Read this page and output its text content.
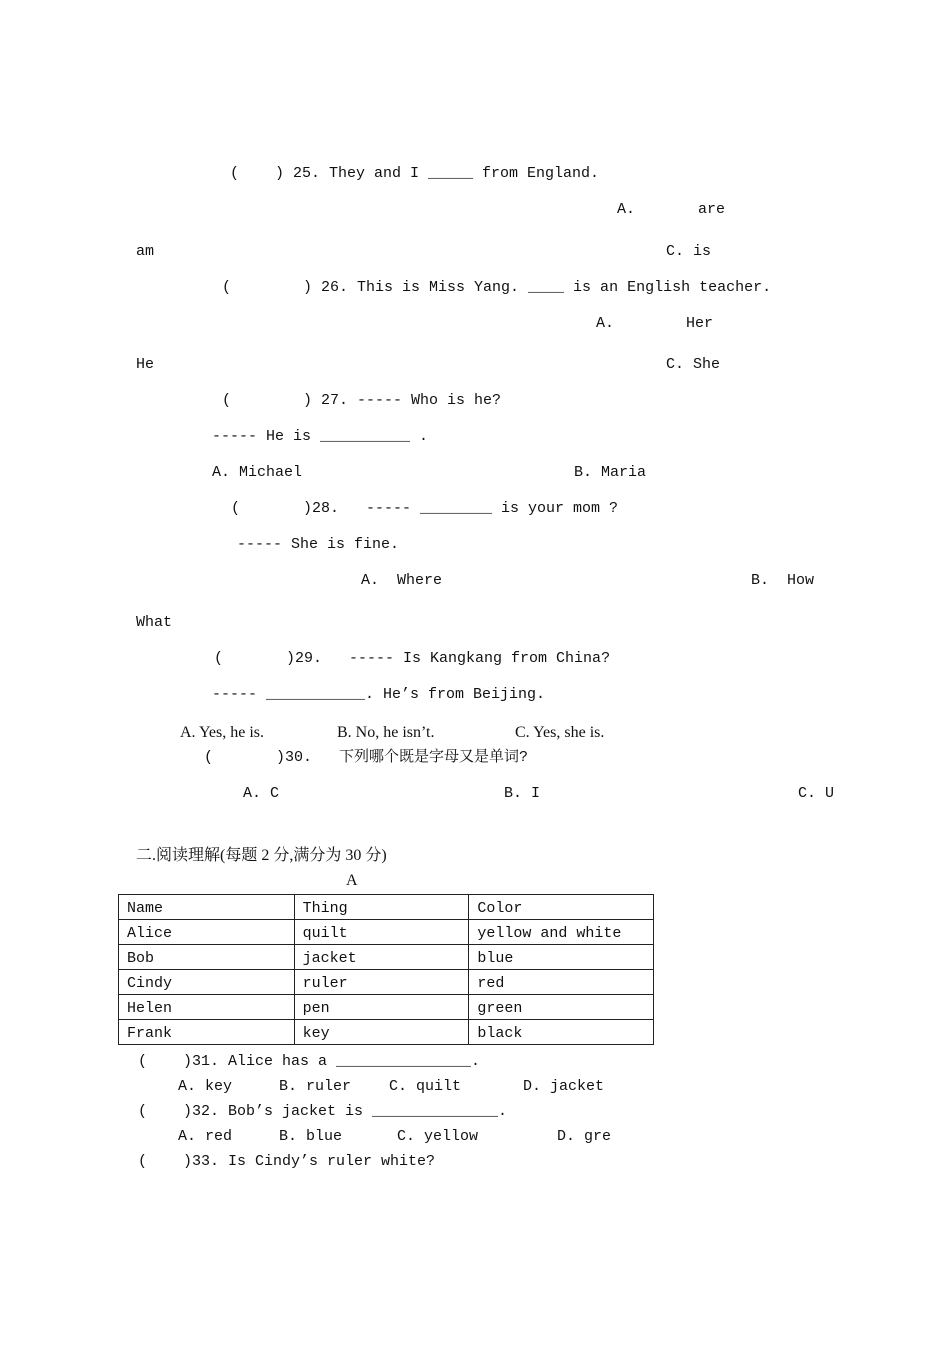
(    ) 25. They and I _____ from England.
A.       are
am	C. is
(        ) 26. This is Miss Yang. ____ is an English teacher.
A.        Her
He	C. She
(        ) 27. ----- Who is he?
----- He is __________ .
A. Michael	B. Maria
(       )28.   ----- ________ is your mom ?
----- She is fine.
A.  Where	B.  How
What
(       )29.   ----- Is Kangkang from China?
----- ___________. He’s from Beijing.
A. Yes, he is.	B. No, he isn’t.	C. Yes, she is.
(       )30.   下列哪个既是字母又是单词?
A. C	B. I	C. U
二.阅读理解(每题 2 分,满分为 30 分)
A
Name	Thing	Color
Alice	quilt	yellow and white
Bob	jacket	blue
Cindy	ruler	red
Helen	pen	green
Frank	key	black
(    )31. Alice has a _______________.
A. key	B. ruler	C. quilt	D. jacket
(    )32. Bob’s jacket is ______________.
A. red	B. blue	C. yellow	D. gre
(    )33. Is Cindy’s ruler white?
